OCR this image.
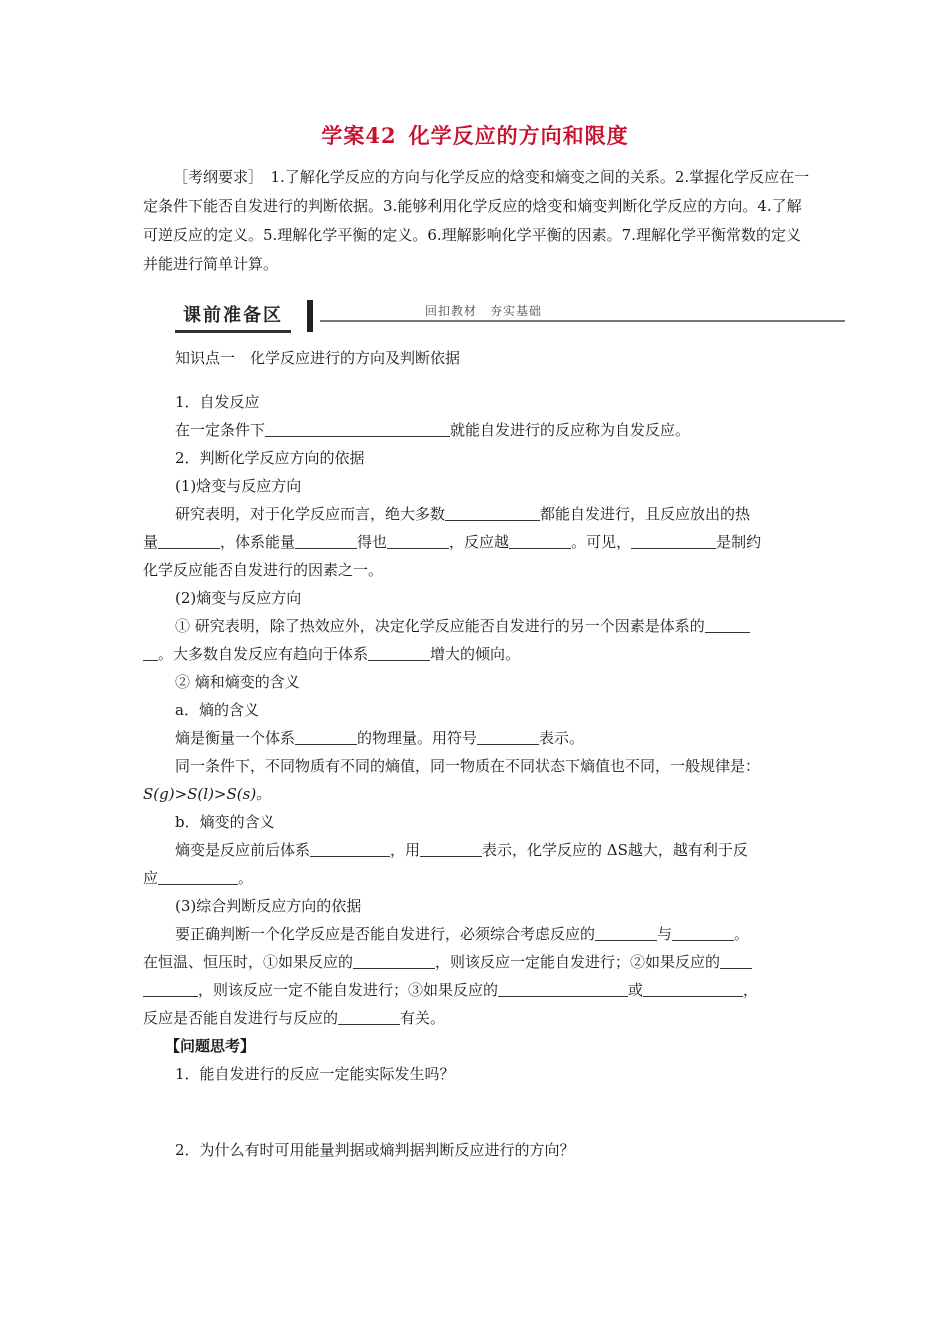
学案42 化学反应的方向和限度
［考纲要求］　1.了解化学反应的方向与化学反应的焓变和熵变之间的关系。2.掌握化学反应在一定条件下能否自发进行的判断依据。3.能够利用化学反应的焓变和熵变判断化学反应的方向。4.了解可逆反应的定义。5.理解化学平衡的定义。6.理解影响化学平衡的因素。7.理解化学平衡常数的定义并能进行简单计算。
课前准备区	回扣教材　夯实基础
知识点一　化学反应进行的方向及判断依据
1．自发反应
在一定条件下	就能自发进行的反应称为自发反应。
2．判断化学反应方向的依据
(1)焓变与反应方向
研究表明，对于化学反应而言，绝大多数	都能自发进行，且反应放出的热
量	，体系能量	得也	，反应越	。可见，	是制约
化学反应能否自发进行的因素之一。
(2)熵变与反应方向
① 研究表明，除了热效应外，决定化学反应能否自发进行的另一个因素是体系的
。大多数自发反应有趋向于体系	增大的倾向。
② 熵和熵变的含义
a．熵的含义
熵是衡量一个体系	的物理量。用符号	表示。
同一条件下，不同物质有不同的熵值，同一物质在不同状态下熵值也不同，一般规律是：
S(g)>S(l)>S(s)。
b．熵变的含义
熵变是反应前后体系	，用	表示，化学反应的 ΔS越大，越有利于反
应	。
(3)综合判断反应方向的依据
要正确判断一个化学反应是否能自发进行，必须综合考虑反应的	与	。
在恒温、恒压时，①如果反应的	，则该反应一定能自发进行；②如果反应的
，则该反应一定不能自发进行；③如果反应的	或	，
反应是否能自发进行与反应的	有关。
【问题思考】
1．能自发进行的反应一定能实际发生吗？
2．为什么有时可用能量判据或熵判据判断反应进行的方向？
